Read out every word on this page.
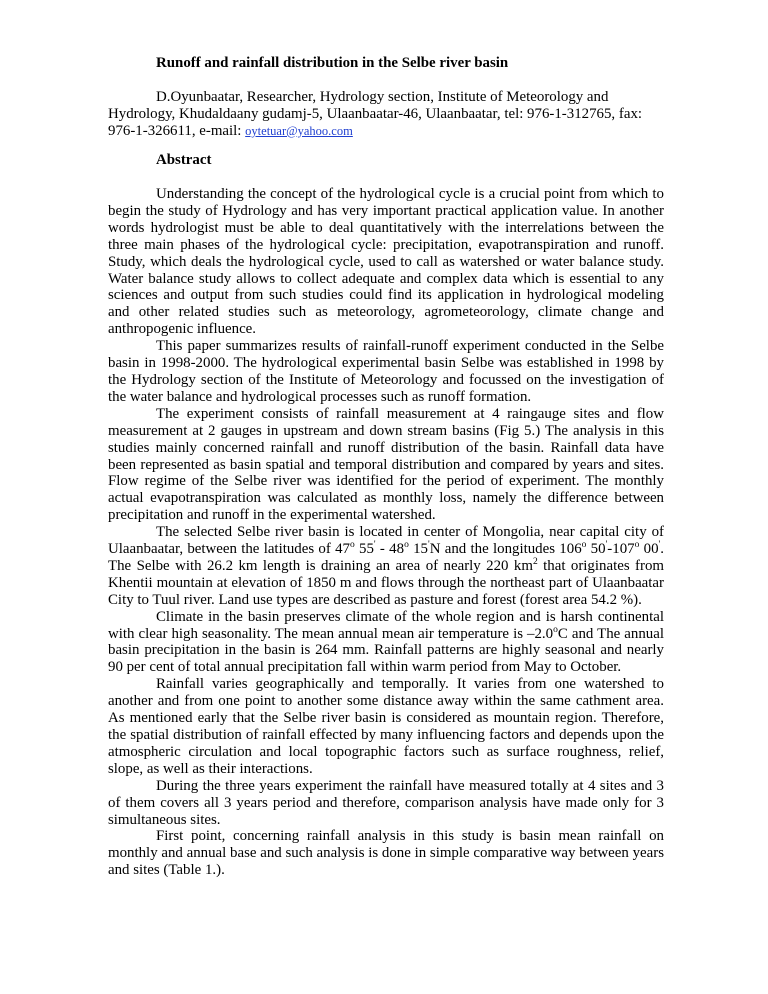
Runoff and rainfall distribution in the Selbe river basin
D.Oyunbaatar, Researcher, Hydrology section, Institute of Meteorology and Hydrology, Khudaldaany gudamj-5, Ulaanbaatar-46, Ulaanbaatar, tel: 976-1-312765, fax: 976-1-326611, e-mail: oytetuar@yahoo.com
Abstract

Understanding the concept of the hydrological cycle is a crucial point from which to begin the study of Hydrology and has very important practical application value. In another words hydrologist must be able to deal quantitatively with the interrelations between the three main phases of the hydrological cycle: precipitation, evapotranspiration and runoff. Study, which deals the hydrological cycle, used to call as watershed or water balance study. Water balance study allows to collect adequate and complex data which is essential to any sciences and output from such studies could find its application in hydrological modeling and other related studies such as meteorology, agrometeorology, climate change and anthropogenic influence.

This paper summarizes results of rainfall-runoff experiment conducted in the Selbe basin in 1998-2000. The hydrological experimental basin Selbe was established in 1998 by the Hydrology section of the Institute of Meteorology and focussed on the investigation of the water balance and hydrological processes such as runoff formation.

The experiment consists of rainfall measurement at 4 raingauge sites and flow measurement at 2 gauges in upstream and down stream basins (Fig 5.) The analysis in this studies mainly concerned rainfall and runoff distribution of the basin. Rainfall data have been represented as basin spatial and temporal distribution and compared by years and sites. Flow regime of the Selbe river was identified for the period of experiment. The monthly actual evapotranspiration was calculated as monthly loss, namely the difference between precipitation and runoff in the experimental watershed.

The selected Selbe river basin is located in center of Mongolia, near capital city of Ulaanbaatar, between the latitudes of 47$^o$ 55' - 48$^o$ 15'N and the longitudes 106$^o$ 50'-107$^o$ 00'. The Selbe with 26.2 km length is draining an area of nearly 220 $km^2$ that originates from Khentii mountain at elevation of 1850 m and flows through the northeast part of Ulaanbaatar City to Tuul river. Land use types are described as pasture and forest (forest area 54.2 %).

Climate in the basin preserves climate of the whole region and is harsh continental with clear high seasonality. The mean annual mean air temperature is –2.0$^o$C and The annual basin precipitation in the basin is 264 mm. Rainfall patterns are highly seasonal and nearly 90 per cent of total annual precipitation fall within warm period from May to October.

Rainfall varies geographically and temporally. It varies from one watershed to another and from one point to another some distance away within the same cathment area. As mentioned early that the Selbe river basin is considered as mountain region. Therefore, the spatial distribution of rainfall effected by many influencing factors and depends upon the atmospheric circulation and local topographic factors such as surface roughness, relief, slope, as well as their interactions.

During the three years experiment the rainfall have measured totally at 4 sites and 3 of them covers all 3 years period and therefore, comparison analysis have made only for 3 simultaneous sites.

First point, concerning rainfall analysis in this study is basin mean rainfall on monthly and annual base and such analysis is done in simple comparative way between years and sites (Table 1.).
